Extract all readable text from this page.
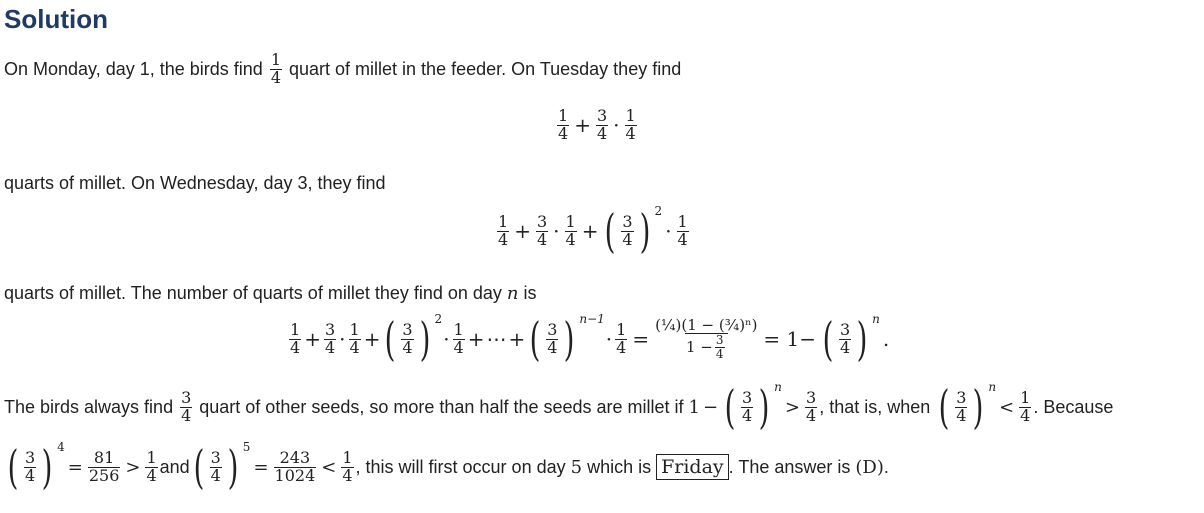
Solution
On Monday, day 1, the birds find $\frac{1}{4}$ quart of millet in the feeder. On Tuesday they find
$\frac{1}{4} + \frac{3}{4} \cdot \frac{1}{4}$
quarts of millet. On Wednesday, day 3, they find
$\frac{1}{4} + \frac{3}{4} \cdot \frac{1}{4}$ + ( $\frac{3}{4}$ ) 2
· $\frac{1}{4}$
quarts of millet. The number of quarts of millet they find on day n is
$\frac{1}{4} + \frac{3}{4} \cdot \frac{1}{4}$ + ( $\frac{3}{4}$ ) 2
· $\frac{1}{4}$ + ⋯ + ( $\frac{3}{4}$ ) n−1
· $\frac{1}{4} = \frac{\text{(¼)(1 − (¾)ⁿ)}}{1 - \frac{3}{4}} = 1-$ ( $\frac{3}{4}$ ) n
.
The birds always find $\frac{3}{4}$ quart of other seeds, so more than half the seeds are millet if 1 − ( $\frac{3}{4}$ ) n
> $\frac{3}{4}$ , that is, when ( $\frac{3}{4}$ ) n
< $\frac{1}{4}$ . Because
( $\frac{3}{4}$ ) 4
= $\frac{81}{256} > \frac{1}{4}$ and ( $\frac{3}{4}$ ) 5
= $\frac{243}{1024} < \frac{1}{4}$ , this will first occur on day 5 which is Friday . The answer is (D) .
